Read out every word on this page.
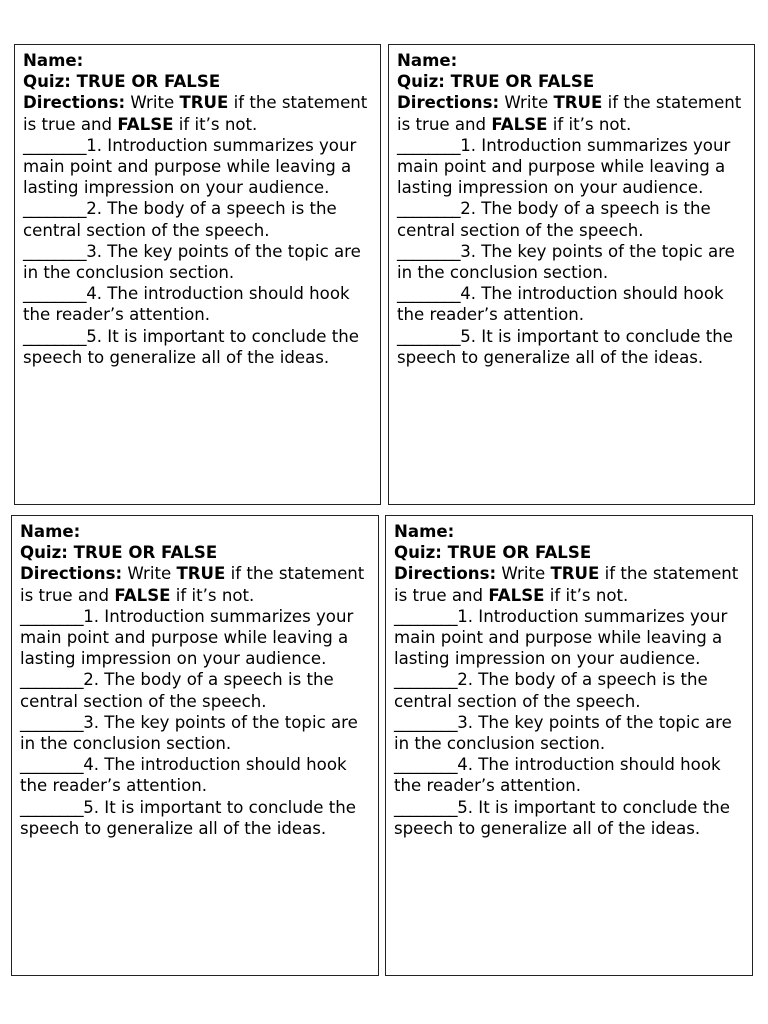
Name:

Quiz: TRUE OR FALSE

Directions: Write TRUE if the statement is true and FALSE if it’s not.

________1. Introduction summarizes your main point and purpose while leaving a lasting impression on your audience.

________2. The body of a speech is the central section of the speech.

________3. The key points of the topic are in the conclusion section.

________4. The introduction should hook the reader’s attention.

________5. It is important to conclude the speech to generalize all of the ideas.

Name:

Quiz: TRUE OR FALSE

Directions: Write TRUE if the statement is true and FALSE if it’s not.

________1. Introduction summarizes your main point and purpose while leaving a lasting impression on your audience.

________2. The body of a speech is the central section of the speech.

________3. The key points of the topic are in the conclusion section.

________4. The introduction should hook the reader’s attention.

________5. It is important to conclude the speech to generalize all of the ideas.

Name:

Quiz: TRUE OR FALSE

Directions: Write TRUE if the statement is true and FALSE if it’s not.

________1. Introduction summarizes your main point and purpose while leaving a lasting impression on your audience.

________2. The body of a speech is the central section of the speech.

________3. The key points of the topic are in the conclusion section.

________4. The introduction should hook the reader’s attention.

________5. It is important to conclude the speech to generalize all of the ideas.

Name:

Quiz: TRUE OR FALSE

Directions: Write TRUE if the statement is true and FALSE if it’s not.

________1. Introduction summarizes your main point and purpose while leaving a lasting impression on your audience.

________2. The body of a speech is the central section of the speech.

________3. The key points of the topic are in the conclusion section.

________4. The introduction should hook the reader’s attention.

________5. It is important to conclude the speech to generalize all of the ideas.
